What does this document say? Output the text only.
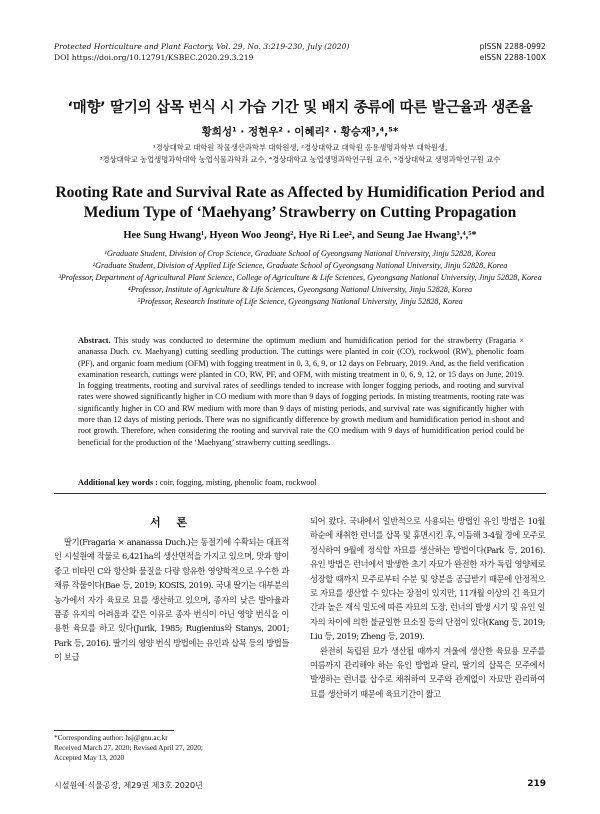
Protected Horticulture and Plant Factory, Vol. 29, No. 3:219-230, July (2020)
DOI https://doi.org/10.12791/KSBEC.2020.29.3.219
pISSN 2288-0992
eISSN 2288-100X
‘매향’ 딸기의 삽목 번식 시 가습 기간 및 배지 종류에 따른 발근율과 생존율
황희성¹ · 정현우² · 이혜리² · 황승재³,⁴,⁵*
¹경상대학교 대학원 작물생산과학부 대학원생, ²경상대학교 대학원 응용생명과학부 대학원생,
³경상대학교 농업생명과학대학 농업식물과학과 교수, ⁴경상대학교 농업생명과학연구원 교수, ⁵경상대학교 생명과학연구원 교수
Rooting Rate and Survival Rate as Affected by Humidification Period and Medium Type of ‘Maehyang’ Strawberry on Cutting Propagation
Hee Sung Hwang¹, Hyeon Woo Jeong², Hye Ri Lee², and Seung Jae Hwang³,⁴,⁵*
¹Graduate Student, Division of Crop Science, Graduate School of Gyeongsang National University, Jinju 52828, Korea
²Graduate Student, Division of Applied Life Science, Graduate School of Gyeongsang National University, Jinju 52828, Korea
³Professor, Department of Agricultural Plant Science, College of Agriculture & Life Sciences, Gyeongsang National University, Jinju 52828, Korea
⁴Professor, Institute of Agriculture & Life Sciences, Gyeongsang National University, Jinju 52828, Korea
⁵Professor, Research Institute of Life Science, Gyeongsang National University, Jinju 52828, Korea
Abstract. This study was conducted to determine the optimum medium and humidification period for the strawberry (Fragaria × ananassa Duch. cv. Maehyang) cutting seedling production. The cuttings were planted in coir (CO), rockwool (RW), phenolic foam (PF), and organic foam medium (OFM) with fogging treatment in 0, 3, 6, 9, or 12 days on February, 2019. And, as the field verification examination research, cuttings were planted in CO, RW, PF, and OFM, with misting treatment in 0, 6, 9, 12, or 15 days on June, 2019. In fogging treatments, rooting and survival rates of seedlings tended to increase with longer fogging periods, and rooting and survival rates were showed significantly higher in CO medium with more than 9 days of fogging periods. In misting treatments, rooting rate was significantly higher in CO and RW medium with more than 9 days of misting periods, and survival rate was significantly higher with more than 12 days of misting periods. There was no significantly difference by growth medium and humidification period in shoot and root growth. Therefore, when considering the rooting and survival rate the CO medium with 9 days of humidification period could be beneficial for the production of the ‘Maehyang’ strawberry cutting seedlings.
Additional key words : coir, fogging, misting, phenolic foam, rockwool
서 론

딸기(Fragaria × ananassa Duch.)는 동절기에 수확되는 대표적인 시설원예 작물로 6,421ha의 생산면적을 가지고 있으며, 맛과 향이 좋고 비타민 C와 항산화 물질을 다량 함유한 영양학적으로 우수한 과채류 작물이다(Bae 등, 2019; KOSIS, 2019). 국내 딸기는 대부분의 농가에서 자가 육묘로 묘를 생산하고 있으며, 종자의 낮은 발아율과 품종 유지의 어려움과 같은 이유로 종자 번식이 아닌 영양 번식을 이용한 육묘를 하고 있다(Jurik, 1985; Rugienius와 Stanys, 2001; Park 등, 2016). 딸기의 영양 번식 방법에는 유인과 삽목 등의 방법들이 보급

되어 왔다. 국내에서 일반적으로 사용되는 방법인 유인 방법은 10월 하순에 채취한 런너를 삽목 및 휴면시킨 후, 이듬해 3-4월 경에 모주로 정식하여 9월에 정식할 자묘를 생산하는 방법이다(Park 등, 2016). 유인 방법은 런너에서 발생한 초기 자묘가 완전한 자가 독립 영양체로 성장할 때까지 모주로부터 수분 및 양분을 공급받기 때문에 안정적으로 자묘를 생산할 수 있다는 장점이 있지만, 11개월 이상의 긴 육묘기간과 높은 재식 밀도에 따른 자묘의 도장, 런너의 발생 시기 및 유인 일자의 차이에 의한 불균일한 묘소질 등의 단점이 있다(Kang 등, 2019; Liu 등, 2019; Zheng 등, 2019).

완전히 독립된 묘가 생산될 때까지 겨울에 생산한 육묘용 모주를 여름까지 관리해야 하는 유인 방법과 달리, 딸기의 삽목은 모주에서 발생하는 런너를 삽수로 채취하여 모주와 관계없이 자묘만 관리하여 묘를 생산하기 때문에 육묘기간이 짧고

*Corresponding author: hsj@gnu.ac.kr
Received March 27, 2020; Revised April 27, 2020;
Accepted May 13, 2020
시설원예·식물공장, 제29권 제3호 2020년	219
